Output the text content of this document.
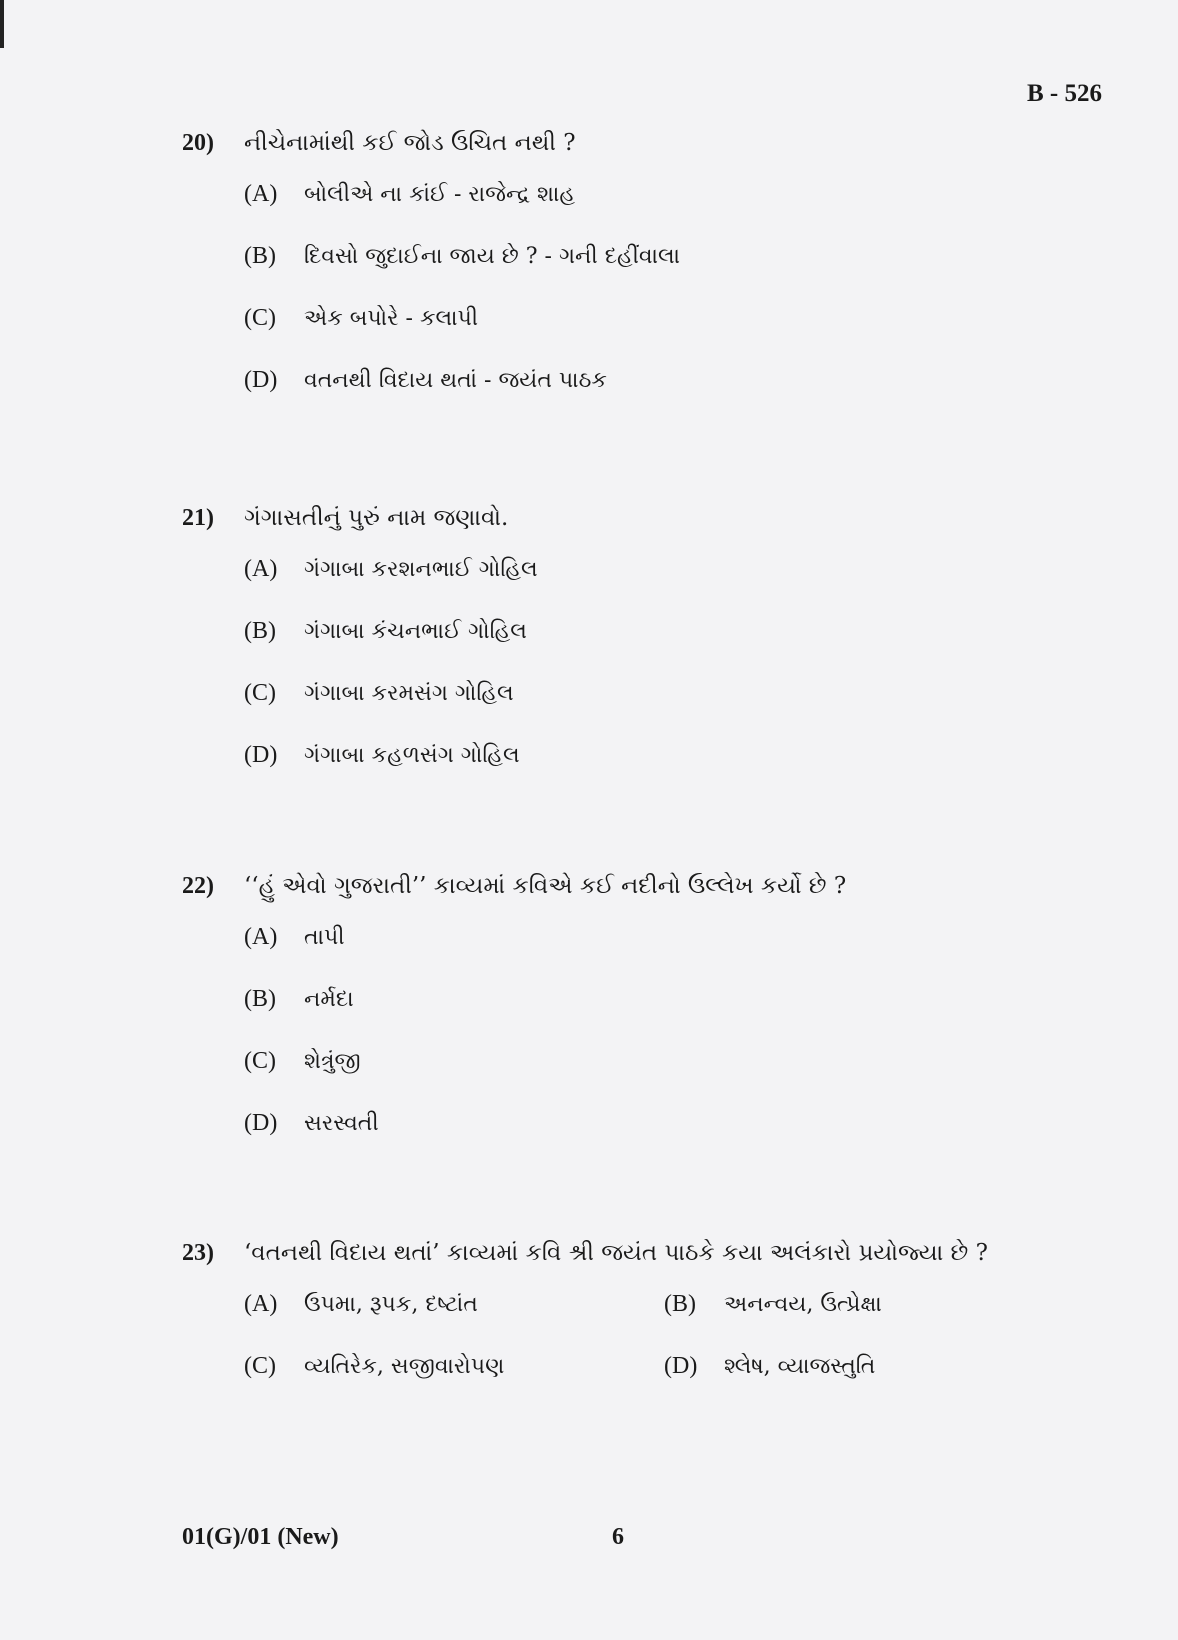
B - 526
20)	નીચેનામાંથી કઈ જોડ ઉચિત નથી ?
(A)	બોલીએ ના કાંઈ - રાજેન્દ્ર શાહ
(B)	દિવસો જુદાઈના જાય છે ? - ગની દહીંવાલા
(C)	એક બપોરે - કલાપી
(D)	વતનથી વિદાય થતાં - જયંત પાઠક
21)	ગંગાસતીનું પુરું નામ જણાવો.
(A)	ગંગાબા કરશનભાઈ ગોહિલ
(B)	ગંગાબા કંચનભાઈ ગોહિલ
(C)	ગંગાબા કરમસંગ ગોહિલ
(D)	ગંગાબા કહળસંગ ગોહિલ
22)	‘‘હું એવો ગુજરાતી’’ કાવ્યમાં કવિએ કઈ નદીનો ઉલ્લેખ કર્યો છે ?
(A)	તાપી
(B)	નર્મદા
(C)	શેત્રુંજી
(D)	સરસ્વતી
23)	‘વતનથી વિદાય થતાં’ કાવ્યમાં કવિ શ્રી જયંત પાઠકે કયા અલંકારો પ્રયોજ્યા છે ?
(A)	ઉપમા, રૂપક, દષ્ટાંત	(B)	અનન્વય, ઉત્પ્રેક્ષા
(C)	વ્યતિરેક, સજીવારોપણ	(D)	શ્લેષ, વ્યાજસ્તુતિ
01(G)/01 (New)	6
